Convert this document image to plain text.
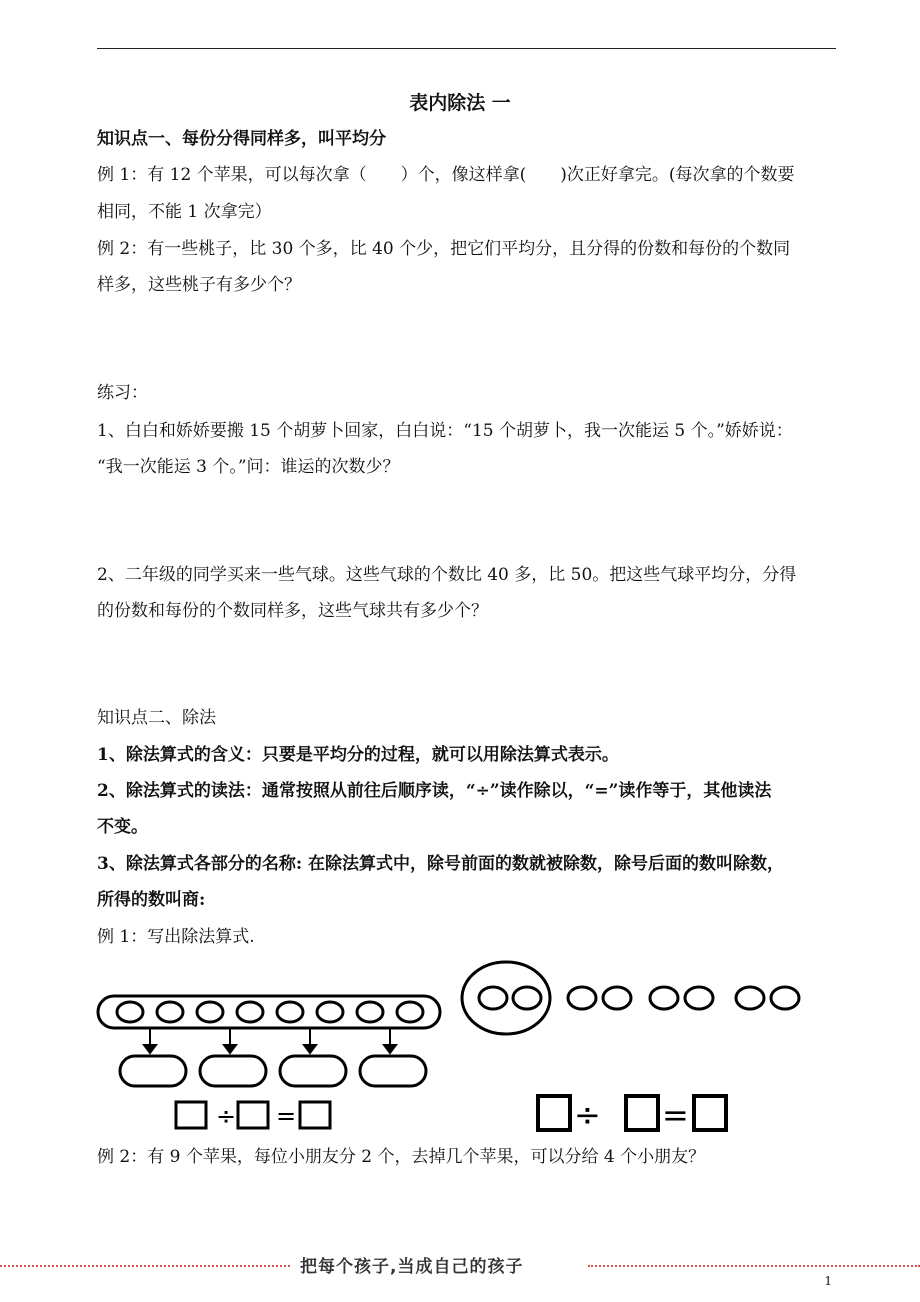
表内除法 一
知识点一、每份分得同样多，叫平均分
例 1：有 12 个苹果，可以每次拿（　　）个，像这样拿(　　)次正好拿完。(每次拿的个数要
相同，不能 1 次拿完）
例 2：有一些桃子，比 30 个多，比 40 个少，把它们平均分，且分得的份数和每份的个数同
样多，这些桃子有多少个？
练习：
1、白白和娇娇要搬 15 个胡萝卜回家，白白说：“15 个胡萝卜，我一次能运 5 个。”娇娇说：
“我一次能运 3 个。”问：谁运的次数少？
2、二年级的同学买来一些气球。这些气球的个数比 40 多，比 50。把这些气球平均分，分得
的份数和每份的个数同样多，这些气球共有多少个？
知识点二、除法
1、除法算式的含义：只要是平均分的过程，就可以用除法算式表示。
2、除法算式的读法：通常按照从前往后顺序读，“÷”读作除以，“=”读作等于，其他读法
不变。
3、除法算式各部分的名称: 在除法算式中，除号前面的数就被除数，除号后面的数叫除数，
所得的数叫商:
例 1：写出除法算式.
÷ =	÷ =
例 2：有 9 个苹果，每位小朋友分 2 个，去掉几个苹果，可以分给 4 个小朋友？
把每个孩子,当成自己的孩子
1
